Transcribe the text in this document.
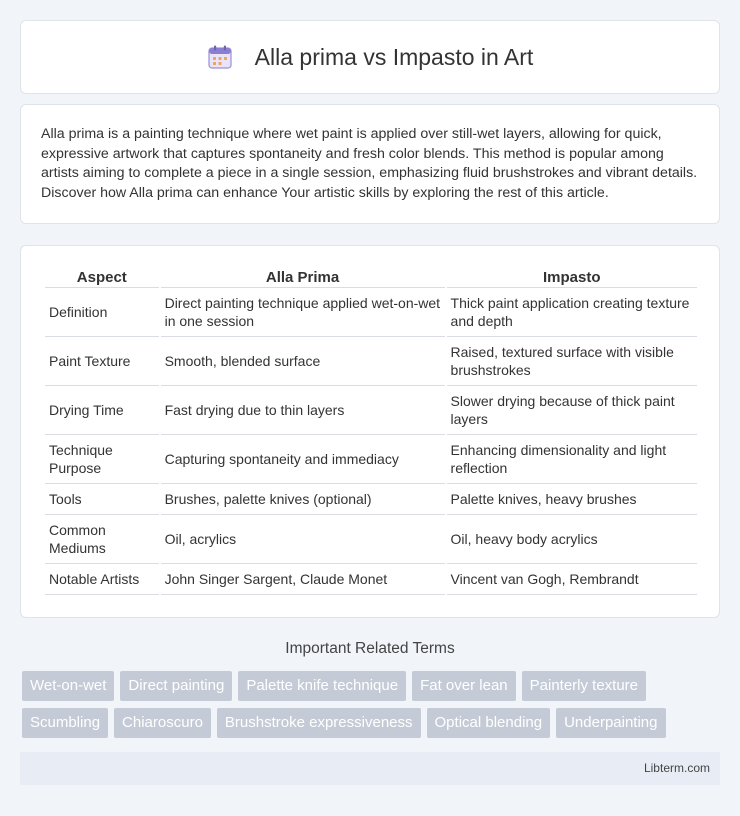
Alla prima vs Impasto in Art

Alla prima is a painting technique where wet paint is applied over still-wet layers, allowing for quick, expressive artwork that captures spontaneity and fresh color blends. This method is popular among artists aiming to complete a piece in a single session, emphasizing fluid brushstrokes and vibrant details. Discover how Alla prima can enhance Your artistic skills by exploring the rest of this article.

Aspect	Alla Prima	Impasto
Definition	Direct painting technique applied wet-on-wet in one session	Thick paint application creating texture and depth
Paint Texture	Smooth, blended surface	Raised, textured surface with visible brushstrokes
Drying Time	Fast drying due to thin layers	Slower drying because of thick paint layers
Technique Purpose	Capturing spontaneity and immediacy	Enhancing dimensionality and light reflection
Tools	Brushes, palette knives (optional)	Palette knives, heavy brushes
Common Mediums	Oil, acrylics	Oil, heavy body acrylics
Notable Artists	John Singer Sargent, Claude Monet	Vincent van Gogh, Rembrandt
Important Related Terms
Wet-on-wet	Direct painting	Palette knife technique	Fat over lean	Painterly texture
Scumbling	Chiaroscuro	Brushstroke expressiveness	Optical blending	Underpainting
Libterm.com
